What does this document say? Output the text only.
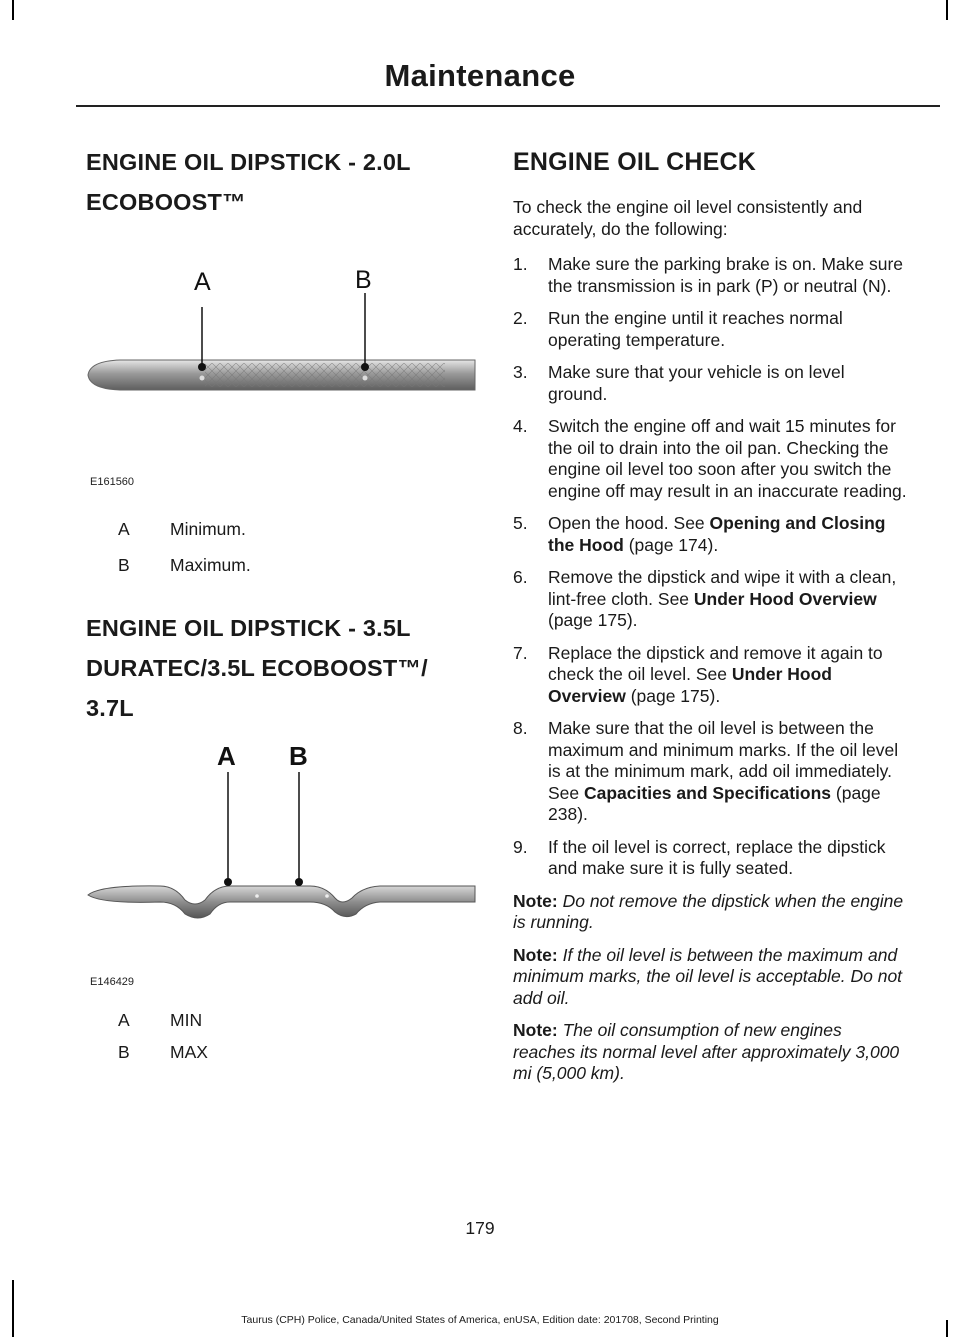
Maintenance
ENGINE OIL DIPSTICK - 2.0L
ECOBOOST™
A	B
E161560
A Minimum.
B Maximum.
ENGINE OIL DIPSTICK - 3.5L
DURATEC/3.5L ECOBOOST™/
3.7L
A B
E146429
A MIN
B MAX
ENGINE OIL CHECK

To check the engine oil level consistently and accurately, do the following:

1. Make sure the parking brake is on. Make sure the transmission is in park (P) or neutral (N).
2. Run the engine until it reaches normal operating temperature.
3. Make sure that your vehicle is on level ground.
4. Switch the engine off and wait 15 minutes for the oil to drain into the oil pan. Checking the engine oil level too soon after you switch the engine off may result in an inaccurate reading.
5. Open the hood. See Opening and Closing the Hood (page 174).
6. Remove the dipstick and wipe it with a clean, lint-free cloth. See Under Hood Overview (page 175).
7. Replace the dipstick and remove it again to check the oil level. See Under Hood Overview (page 175).
8. Make sure that the oil level is between the maximum and minimum marks. If the oil level is at the minimum mark, add oil immediately. See Capacities and Specifications (page 238).
9. If the oil level is correct, replace the dipstick and make sure it is fully seated.

Note: Do not remove the dipstick when the engine is running.

Note: If the oil level is between the maximum and minimum marks, the oil level is acceptable. Do not add oil.

Note: The oil consumption of new engines reaches its normal level after approximately 3,000 mi (5,000 km).

179
Taurus (CPH) Police, Canada/United States of America, enUSA, Edition date: 201708, Second Printing
